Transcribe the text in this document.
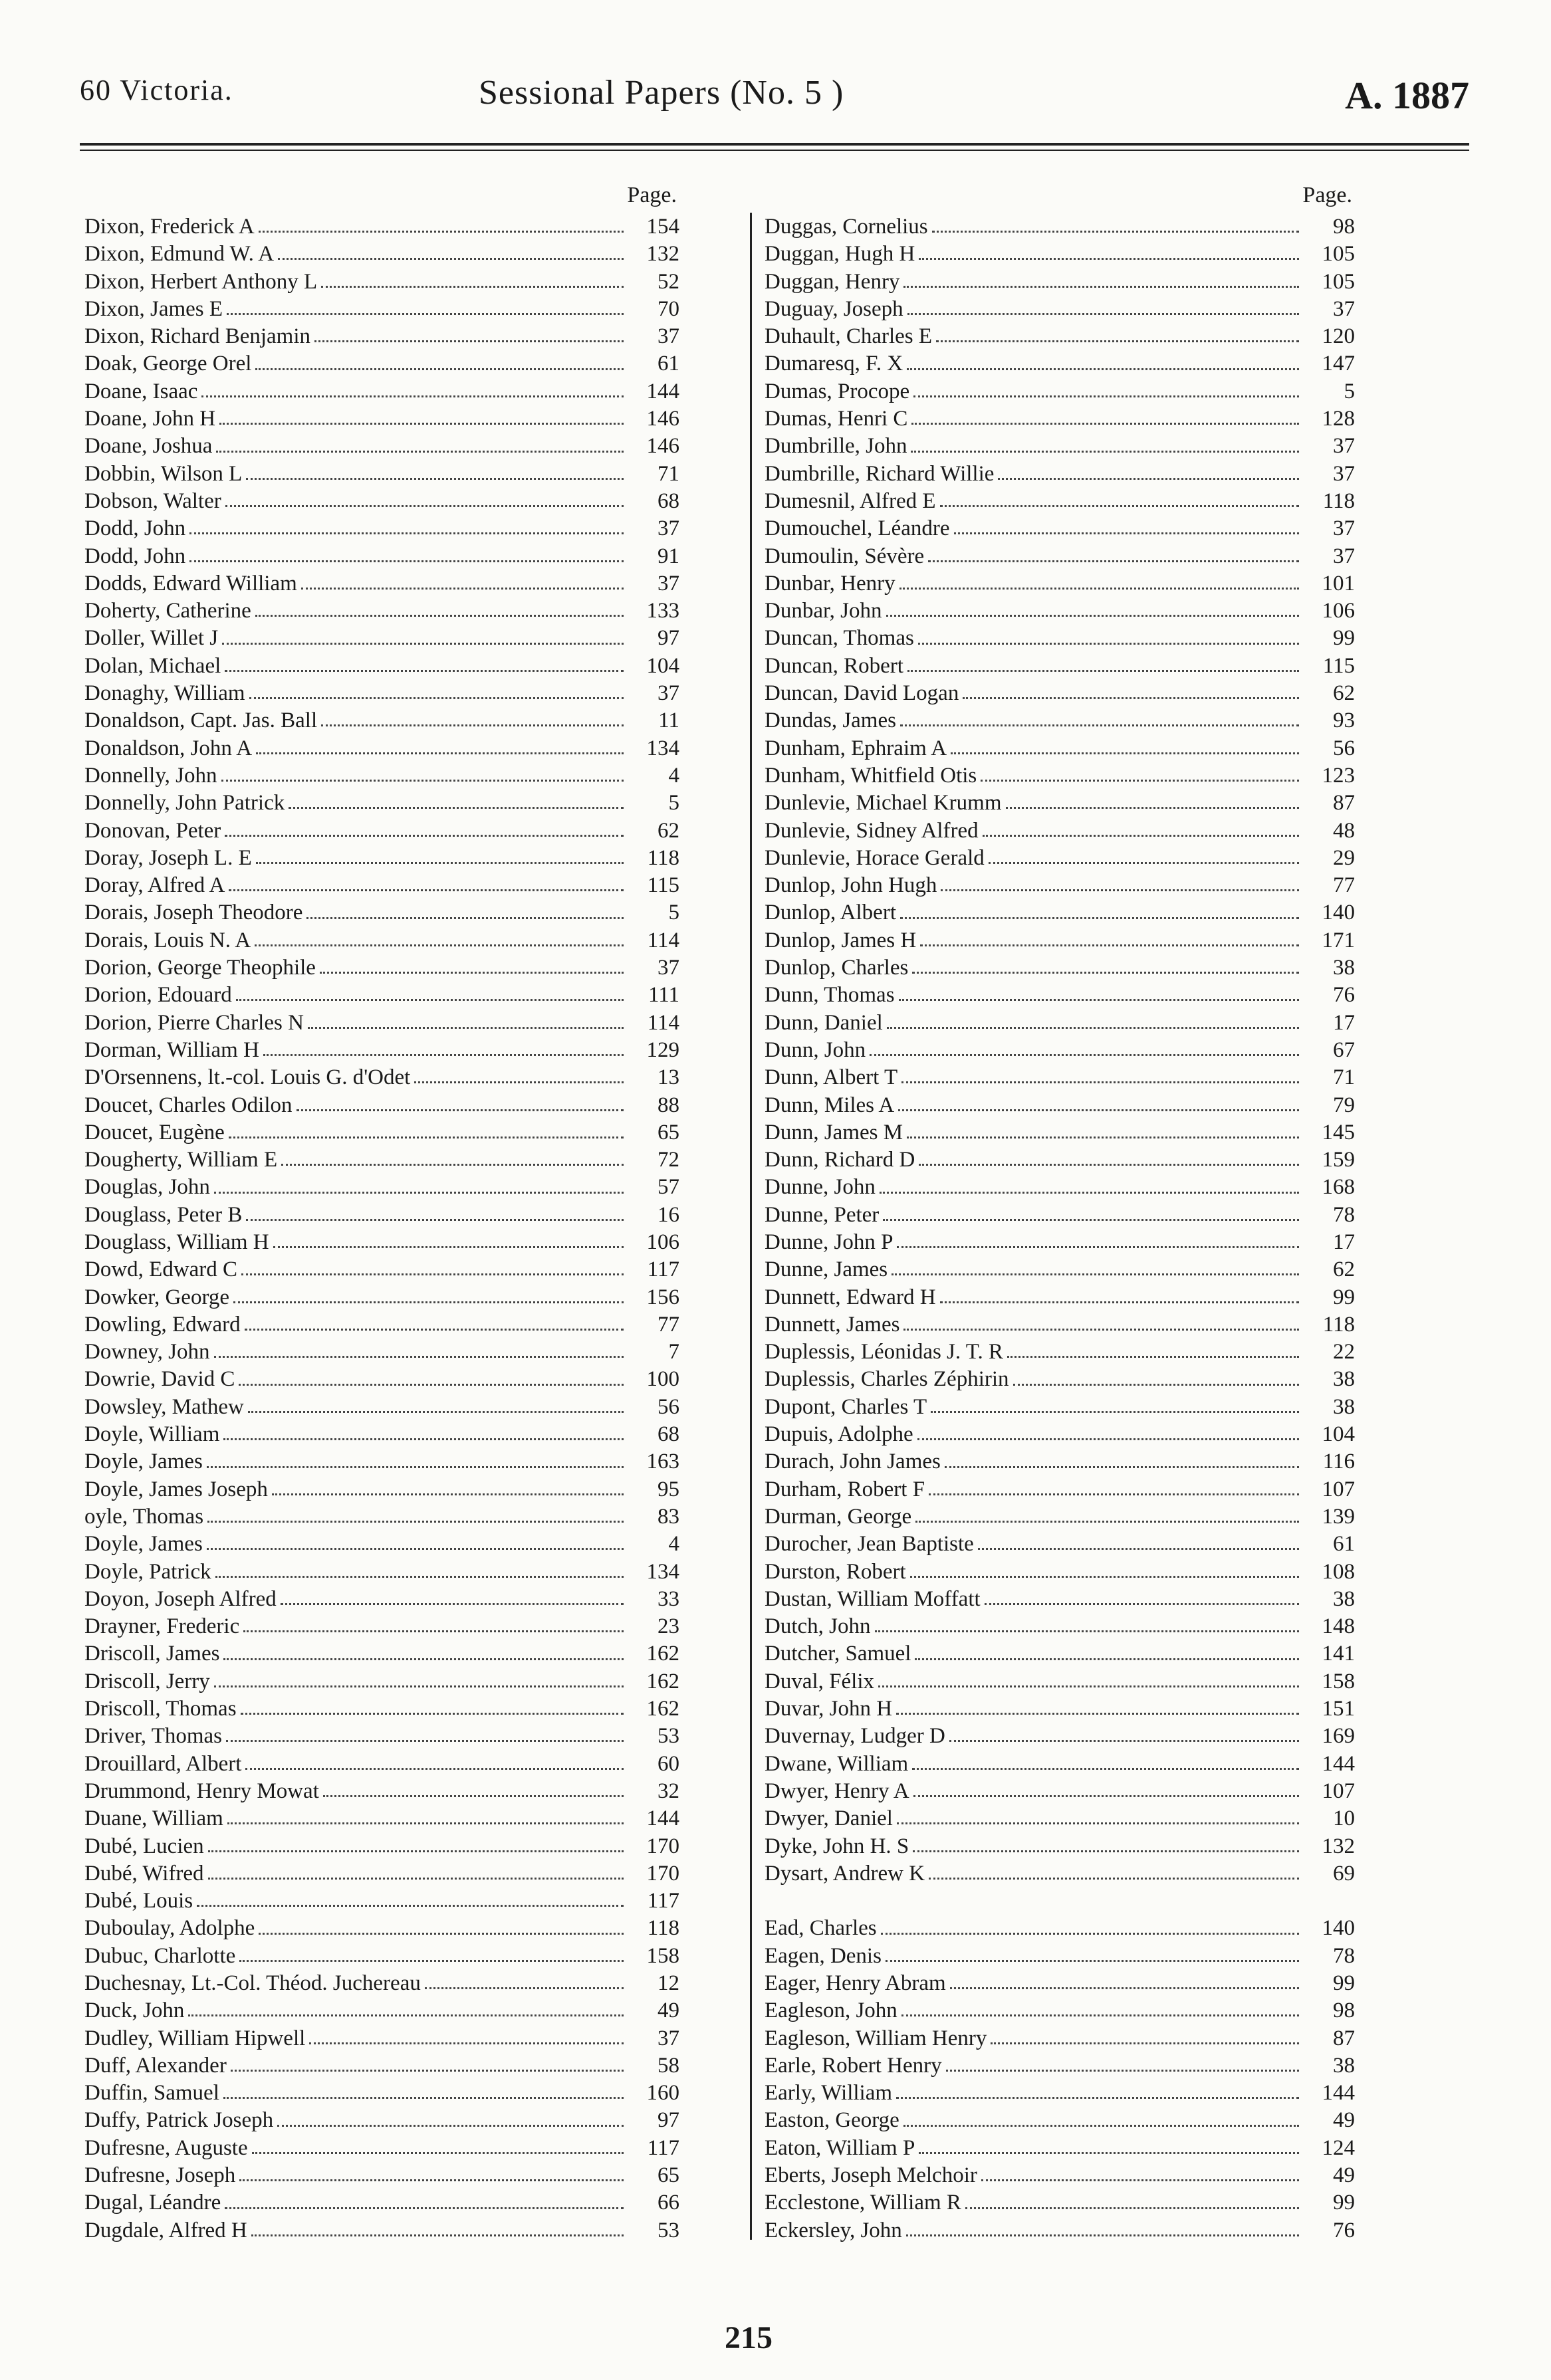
60 Victoria.	Sessional Papers (No. 5 )	A. 1887
Page.
Dixon, Frederick A	154
Dixon, Edmund W. A	132
Dixon, Herbert Anthony L	52
Dixon, James E	70
Dixon, Richard Benjamin	37
Doak, George Orel	61
Doane, Isaac	144
Doane, John H	146
Doane, Joshua	146
Dobbin, Wilson L	71
Dobson, Walter	68
Dodd, John	37
Dodd, John	91
Dodds, Edward William	37
Doherty, Catherine	133
Doller, Willet J	97
Dolan, Michael	104
Donaghy, William	37
Donaldson, Capt. Jas. Ball	11
Donaldson, John A	134
Donnelly, John	4
Donnelly, John Patrick	5
Donovan, Peter	62
Doray, Joseph L. E	118
Doray, Alfred A	115
Dorais, Joseph Theodore	5
Dorais, Louis N. A	114
Dorion, George Theophile	37
Dorion, Edouard	111
Dorion, Pierre Charles N	114
Dorman, William H	129
D'Orsennens, lt.-col. Louis G. d'Odet	13
Doucet, Charles Odilon	88
Doucet, Eugène	65
Dougherty, William E	72
Douglas, John	57
Douglass, Peter B	16
Douglass, William H	106
Dowd, Edward C	117
Dowker, George	156
Dowling, Edward	77
Downey, John	7
Dowrie, David C	100
Dowsley, Mathew	56
Doyle, William	68
Doyle, James	163
Doyle, James Joseph	95
oyle, Thomas	83
Doyle, James	4
Doyle, Patrick	134
Doyon, Joseph Alfred	33
Drayner, Frederic	23
Driscoll, James	162
Driscoll, Jerry	162
Driscoll, Thomas	162
Driver, Thomas	53
Drouillard, Albert	60
Drummond, Henry Mowat	32
Duane, William	144
Dubé, Lucien	170
Dubé, Wifred	170
Dubé, Louis	117
Duboulay, Adolphe	118
Dubuc, Charlotte	158
Duchesnay, Lt.-Col. Théod. Juchereau	12
Duck, John	49
Dudley, William Hipwell	37
Duff, Alexander	58
Duffin, Samuel	160
Duffy, Patrick Joseph	97
Dufresne, Auguste	117
Dufresne, Joseph	65
Dugal, Léandre	66
Dugdale, Alfred H	53
Page.
Duggas, Cornelius	98
Duggan, Hugh H	105
Duggan, Henry	105
Duguay, Joseph	37
Duhault, Charles E	120
Dumaresq, F. X	147
Dumas, Procope	5
Dumas, Henri C	128
Dumbrille, John	37
Dumbrille, Richard Willie	37
Dumesnil, Alfred E	118
Dumouchel, Léandre	37
Dumoulin, Sévère	37
Dunbar, Henry	101
Dunbar, John	106
Duncan, Thomas	99
Duncan, Robert	115
Duncan, David Logan	62
Dundas, James	93
Dunham, Ephraim A	56
Dunham, Whitfield Otis	123
Dunlevie, Michael Krumm	87
Dunlevie, Sidney Alfred	48
Dunlevie, Horace Gerald	29
Dunlop, John Hugh	77
Dunlop, Albert	140
Dunlop, James H	171
Dunlop, Charles	38
Dunn, Thomas	76
Dunn, Daniel	17
Dunn, John	67
Dunn, Albert T	71
Dunn, Miles A	79
Dunn, James M	145
Dunn, Richard D	159
Dunne, John	168
Dunne, Peter	78
Dunne, John P	17
Dunne, James	62
Dunnett, Edward H	99
Dunnett, James	118
Duplessis, Léonidas J. T. R	22
Duplessis, Charles Zéphirin	38
Dupont, Charles T	38
Dupuis, Adolphe	104
Durach, John James	116
Durham, Robert F	107
Durman, George	139
Durocher, Jean Baptiste	61
Durston, Robert	108
Dustan, William Moffatt	38
Dutch, John	148
Dutcher, Samuel	141
Duval, Félix	158
Duvar, John H	151
Duvernay, Ludger D	169
Dwane, William	144
Dwyer, Henry A	107
Dwyer, Daniel	10
Dyke, John H. S	132
Dysart, Andrew K	69
Ead, Charles	140
Eagen, Denis	78
Eager, Henry Abram	99
Eagleson, John	98
Eagleson, William Henry	87
Earle, Robert Henry	38
Early, William	144
Easton, George	49
Eaton, William P	124
Eberts, Joseph Melchoir	49
Ecclestone, William R	99
Eckersley, John	76
215
